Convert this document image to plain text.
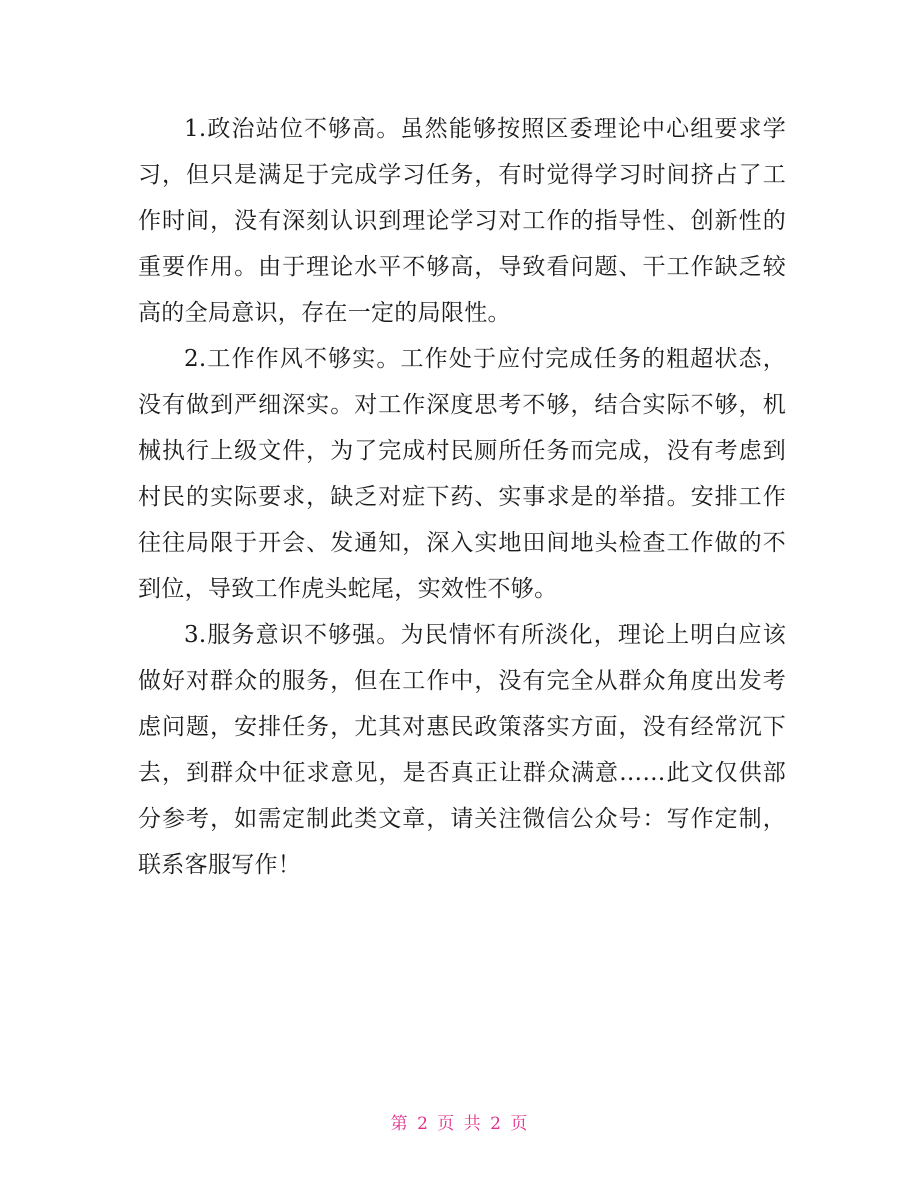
1.政治站位不够高。虽然能够按照区委理论中心组要求学习，但只是满足于完成学习任务，有时觉得学习时间挤占了工作时间，没有深刻认识到理论学习对工作的指导性、创新性的重要作用。由于理论水平不够高，导致看问题、干工作缺乏较高的全局意识，存在一定的局限性。

2.工作作风不够实。工作处于应付完成任务的粗超状态，没有做到严细深实。对工作深度思考不够，结合实际不够，机械执行上级文件，为了完成村民厕所任务而完成，没有考虑到村民的实际要求，缺乏对症下药、实事求是的举措。安排工作往往局限于开会、发通知，深入实地田间地头检查工作做的不到位，导致工作虎头蛇尾，实效性不够。

3.服务意识不够强。为民情怀有所淡化，理论上明白应该做好对群众的服务，但在工作中，没有完全从群众角度出发考虑问题，安排任务，尤其对惠民政策落实方面，没有经常沉下去，到群众中征求意见，是否真正让群众满意……此文仅供部分参考，如需定制此类文章，请关注微信公众号：写作定制，联系客服写作！

第 2 页 共 2 页
